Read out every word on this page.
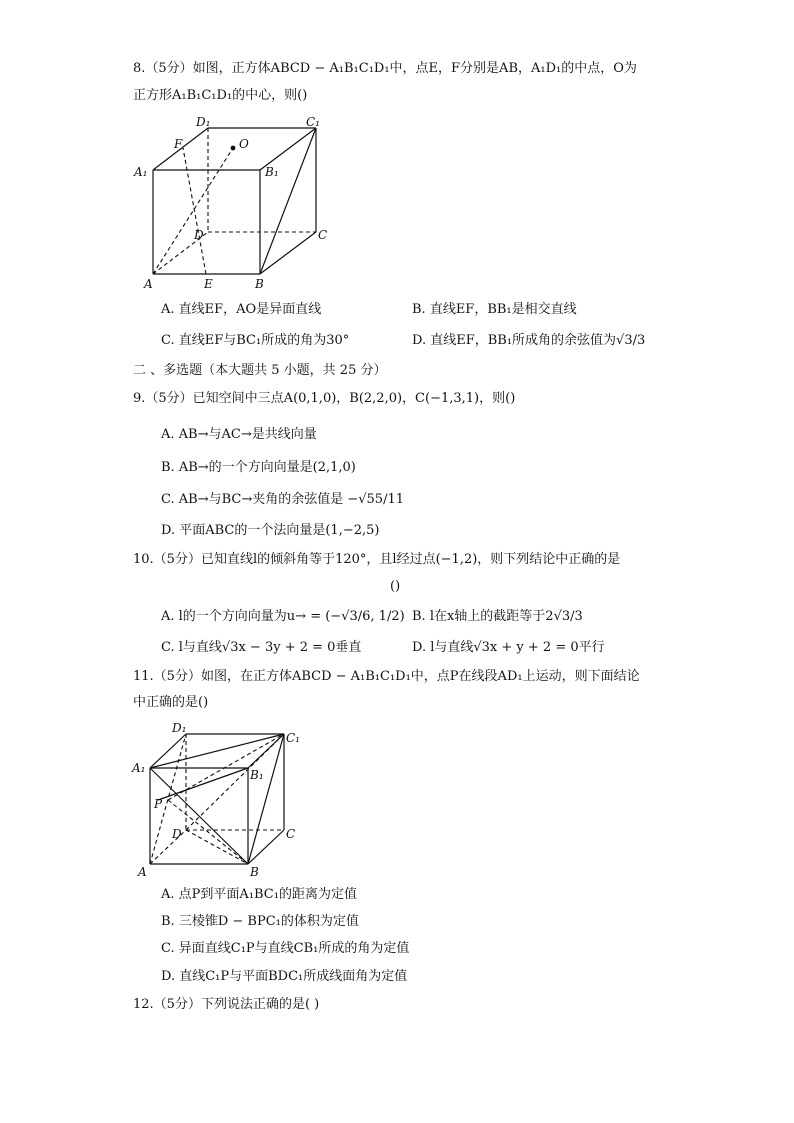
8.（5分）如图，正方体ABCD − A₁B₁C₁D₁中，点E，F分别是AB，A₁D₁的中点，O为
正方形A₁B₁C₁D₁的中心，则()
D₁	C₁
F	O
A₁	B₁
D	C
A	E	B
A. 直线EF，AO是异面直线	B. 直线EF，BB₁是相交直线
C. 直线EF与BC₁所成的角为30°	D. 直线EF，BB₁所成角的余弦值为√3/3
二 、多选题（本大题共 5 小题，共 25 分）
9.（5分）已知空间中三点A(0,1,0)，B(2,2,0)，C(−1,3,1)，则()
A. AB→与AC→是共线向量
B. AB→的一个方向向量是(2,1,0)
C. AB→与BC→夹角的余弦值是 −√55/11
D. 平面ABC的一个法向量是(1,−2,5)
10.（5分）已知直线l的倾斜角等于120°，且l经过点(−1,2)，则下列结论中正确的是
()
A. l的一个方向向量为u→ = (−√3/6, 1/2) B. l在x轴上的截距等于2√3/3
C. l与直线√3x − 3y + 2 = 0垂直	D. l与直线√3x + y + 2 = 0平行
11.（5分）如图，在正方体ABCD − A₁B₁C₁D₁中，点P在线段AD₁上运动，则下面结论
中正确的是()
D₁
C₁
A₁	B₁
P
D	C
A	B
A. 点P到平面A₁BC₁的距离为定值
B. 三棱锥D − BPC₁的体积为定值
C. 异面直线C₁P与直线CB₁所成的角为定值
D. 直线C₁P与平面BDC₁所成线面角为定值
12.（5分）下列说法正确的是( )
